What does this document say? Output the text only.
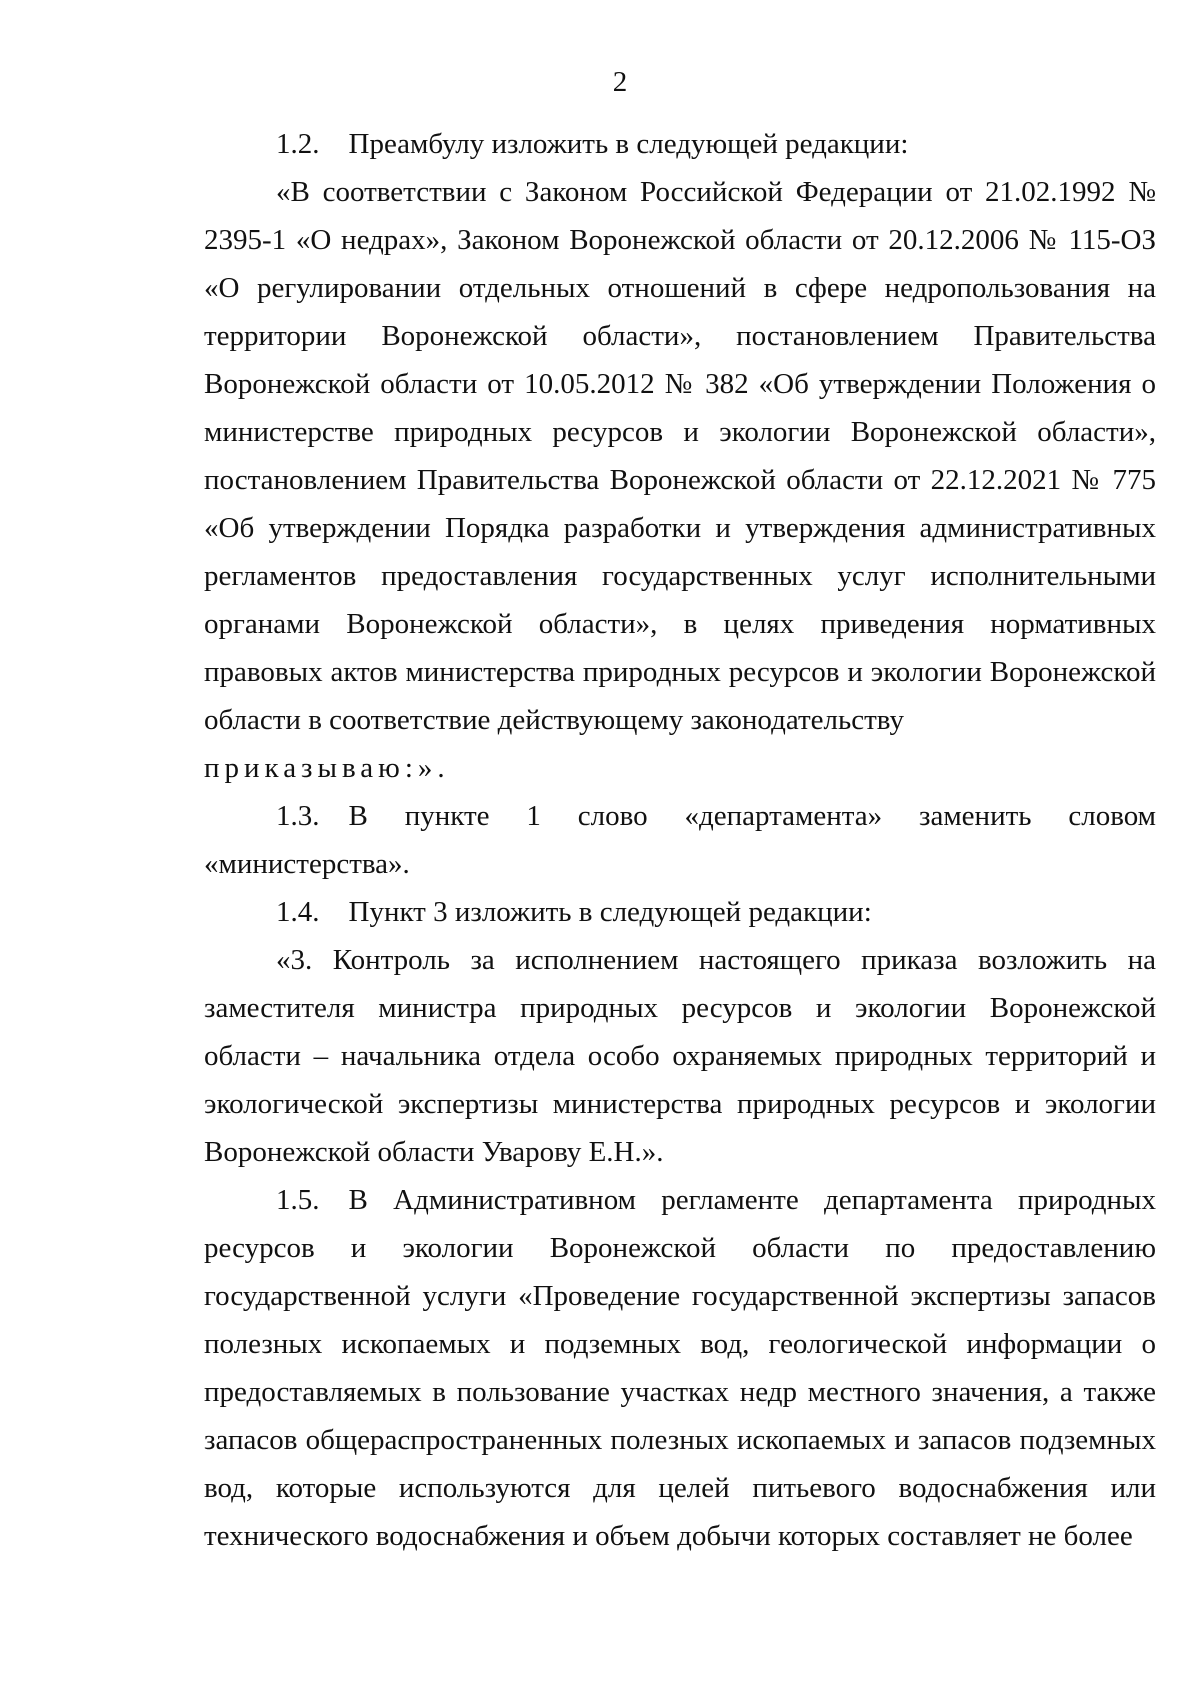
2

1.2. Преамбулу изложить в следующей редакции:

«В соответствии с Законом Российской Федерации от 21.02.1992 № 2395-1 «О недрах», Законом Воронежской области от 20.12.2006 № 115-ОЗ «О регулировании отдельных отношений в сфере недропользования на территории Воронежской области», постановлением Правительства Воронежской области от 10.05.2012 № 382 «Об утверждении Положения о министерстве природных ресурсов и экологии Воронежской области», постановлением Правительства Воронежской области от 22.12.2021 № 775 «Об утверждении Порядка разработки и утверждения административных регламентов предоставления государственных услуг исполнительными органами Воронежской области», в целях приведения нормативных правовых актов министерства природных ресурсов и экологии Воронежской области в соответствие действующему законодательству

приказываю:».

1.3. В пункте 1 слово «департамента» заменить словом «министерства».

1.4. Пункт 3 изложить в следующей редакции:

«3. Контроль за исполнением настоящего приказа возложить на заместителя министра природных ресурсов и экологии Воронежской области – начальника отдела особо охраняемых природных территорий и экологической экспертизы министерства природных ресурсов и экологии Воронежской области Уварову Е.Н.».

1.5. В Административном регламенте департамента природных ресурсов и экологии Воронежской области по предоставлению государственной услуги «Проведение государственной экспертизы запасов полезных ископаемых и подземных вод, геологической информации о предоставляемых в пользование участках недр местного значения, а также запасов общераспространенных полезных ископаемых и запасов подземных вод, которые используются для целей питьевого водоснабжения или технического водоснабжения и объем добычи которых составляет не более
